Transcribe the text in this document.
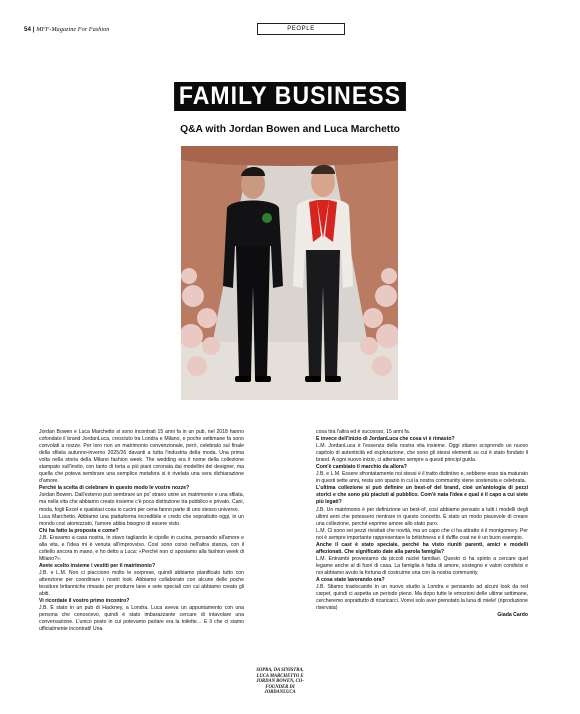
54 | MFF-Magazine For Fashion	PEOPLE
FAMILY BUSINESS
Q&A with Jordan Bowen and Luca Marchetto

Jordan Bowen e Luca Marchetto si sono incontrati 15 anni fa in un pub, nel 2018 hanno cofondato il brand JordanLuca, cresciuto tra Londra e Milano, e poche settimane fa sono convolati a nozze. Per loro non un matrimonio convenzionale, però, celebrato sul finale della sfilata autunno-inverno 2025/26 davanti a tutta l'industria della moda. Una prima volta nella storia della Milano fashion week. The wedding era il nome della collezione stampato sull'invito, con tanto di torta a più piani coronata dai modellini dei designer, ma quella che poteva sembrare una semplice metafora si è rivelata una vera dichiarazione d'amore.

Perché la scelta di celebrare in questo modo le vostre nozze?

Jordan Bowen. Dall'esterno può sembrare un po' strano unire un matrimonio e una sfilata, ma nella vita che abbiamo creato insieme c'è poca distinzione tra pubblico e privato. Cani, moda, fogli Excel e qualsiasi cosa io cucini per cena fanno parte di uno stesso universo.

Luca Marchetto. Abbiamo una piattaforma incredibile e credo che soprattutto oggi, in un mondo così atomizzato, l'amore abbia bisogno di essere visto.

Chi ha fatto la proposta e come?

J.B. Eravamo a casa nostra, in stavo tagliando le cipolle in cucina, pensando all'amore e alla vita, e l'idea mi è venuta all'improvviso. Così sono corso nell'altra stanza, con il coltello ancora in mano, e ho detto a Luca: «Perché non ci sposiamo alla fashion week di Milano?».

Avete scelto insieme i vestiti per il matrimonio?

J.B. e L.M. Non ci piacciono molto le sorprese, quindi abbiamo pianificato tutto con attenzione per coordinare i nostri look. Abbiamo collaborato con alcune delle poche tessiture britanniche rimaste per produrre lane e sete speciali con cui abbiamo creato gli abiti.

Vi ricordate il vostro primo incontro?

J.B. È stato in un pub di Hackney, a Londra. Luca aveva un appuntamento con una persona che conoscevo, quindi è stato imbarazzante cercare di intavolare una conversazione. L'unico posto in cui potevamo parlare era la toilette… E lì che ci siamo ufficialmente incontrati! Una

SOPRA, DA SINISTRA, LUCA MARCHETTO E JORDAN BOWEN, CO-FOUNDER DI JORDANLUCA

cosa tira l'altra ed è successo, 15 anni fa.

E invece dell'inizio di JordanLuca che cosa vi è rimasto?

L.M. JordanLuca è l'essenza della nostra vita insieme. Oggi stiamo scoprendo un nuovo capitolo di autenticità ed esplorazione, che sono gli stessi elementi su cui è stato fondato il brand. A ogni nuovo inizio, ci atteniamo sempre a questi principi guida.

Com'è cambiato il marchio da allora?

J.B. e L.M. Essere sfrontatamente noi stessi è il tratto distintivo e, sebbene esso sia maturato in questi sette anni, resta uno spazio in cui la nostra community viene sostenuta e celebrata.

L'ultima collezione si può definire un best-of del brand, cioè un'antologia di pezzi storici e che sono più piaciuti al pubblico. Com'è nata l'idea e qual è il capo a cui siete più legati?

J.B. Un matrimonio è per definizione un best-of, così abbiamo pensato a tutti i modelli degli ultimi anni che potessero rientrare in questo concetto. È stato un modo piacevole di creare una collezione, perché esprime amore allo stato puro.

L.M. Ci sono sei pezzi rivisitati che novità, ma un capo che ci ha attratto è il montgomery. Per noi è sempre importante rappresentare la britishness e il duffle coat ne è un buon esempio.

Anche il cast è stato speciale, perché ha visto riuniti parenti, amici e modelli affezionati. Che significato date alla parola famiglia?

L.M. Entrambi proveniamo da piccoli nuclei familiari. Questo ci ha spinto a cercare quel legame anche al di fuori di casa. La famiglia è fatta di amore, sostegno e valori condivisi e noi abbiamo avuto la fortuna di costruirne una con la nostra community.

A cosa state lavorando ora?

J.B. Stiamo traslocando in un nuovo studio a Londra e pensando ad alcuni look da red carpet, quindi ci aspetta un periodo pieno. Ma dopo tutte le emozioni delle ultime settimane, cercheremo soprattutto di ricaricarci. Vorrei solo aver prenotato la luna di miele! (riproduzione riservata)

Giada Cardo
